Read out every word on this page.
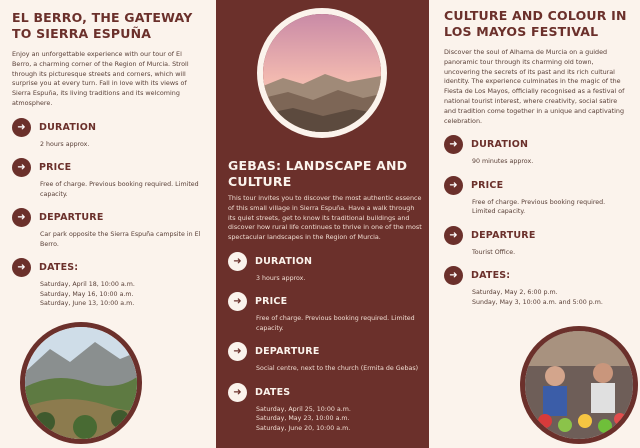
EL BERRO, THE GATEWAY TO SIERRA ESPUÑA
Enjoy an unforgettable experience with our tour of El Berro, a charming corner of the Region of Murcia. Stroll through its picturesque streets and corners, which will surprise you at every turn. Fall in love with its views of Sierra Espuña, its living traditions and its welcoming atmosphere.
➜	DURATION
2 hours approx.
➜	PRICE
Free of charge. Previous booking required. Limited capacity.
➜	DEPARTURE
Car park opposite the Sierra Espuña campsite in El Berro.
➜	DATES:
Saturday, April 18, 10:00 a.m.
Saturday, May 16, 10:00 a.m.
Saturday, June 13, 10:00 a.m.
GEBAS: LANDSCAPE AND CULTURE
This tour invites you to discover the most authentic essence of this small village in Sierra Espuña. Have a walk through its quiet streets, get to know its traditional buildings and discover how rural life continues to thrive in one of the most spectacular landscapes in the Region of Murcia.
➜	DURATION
3 hours approx.
➜	PRICE
Free of charge. Previous booking required. Limited capacity.
➜	DEPARTURE
Social centre, next to the church (Ermita de Gebas)
➜	DATES
Saturday, April 25, 10:00 a.m.
Saturday, May 23, 10:00 a.m.
Saturday, June 20, 10:00 a.m.
CULTURE AND COLOUR IN LOS MAYOS FESTIVAL
Discover the soul of Alhama de Murcia on a guided panoramic tour through its charming old town, uncovering the secrets of its past and its rich cultural identity. The experience culminates in the magic of the Fiesta de Los Mayos, officially recognised as a festival of national tourist interest, where creativity, social satire and tradition come together in a unique and captivating celebration.
➜	DURATION
90 minutes approx.
➜	PRICE
Free of charge. Previous booking required. Limited capacity.
➜	DEPARTURE
Tourist Office.
➜	DATES:
Saturday, May 2, 6:00 p.m.
Sunday, May 3, 10:00 a.m. and 5:00 p.m.
